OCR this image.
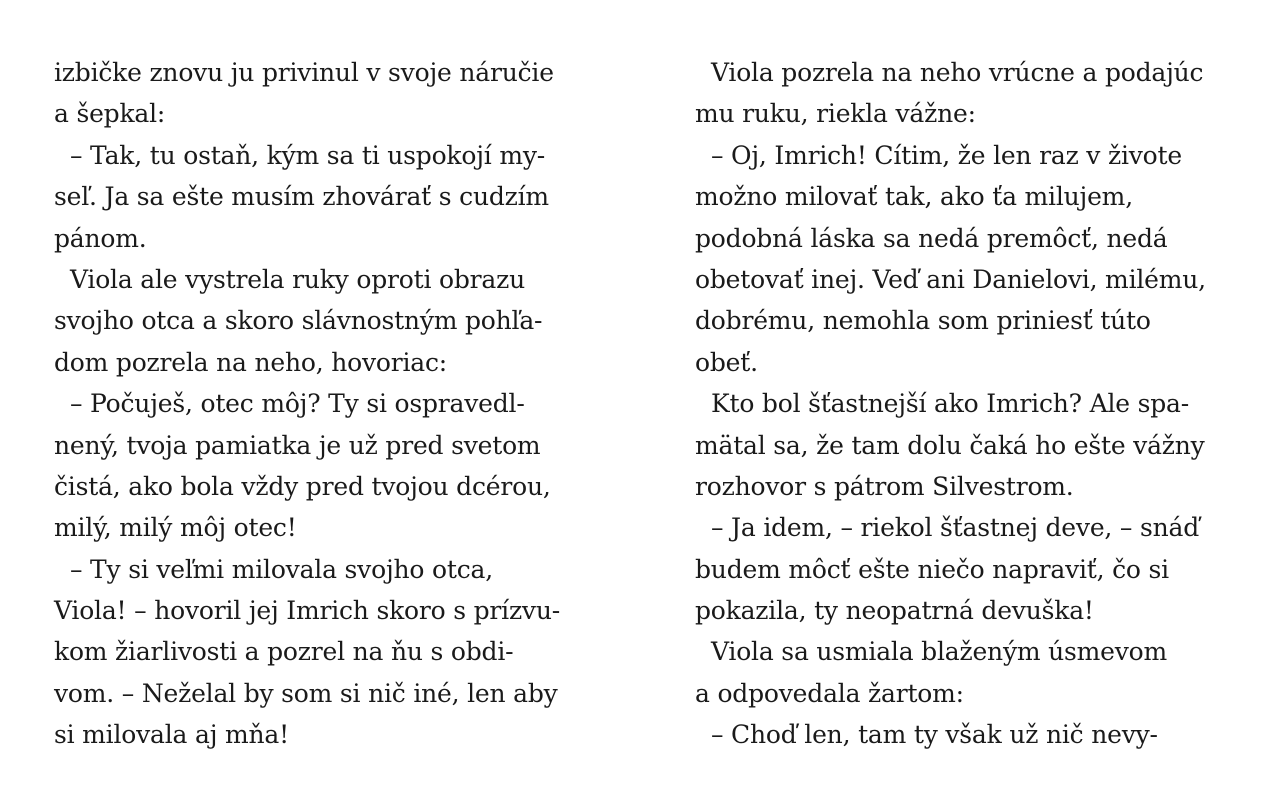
izbičke znovu ju privinul v svoje náručie
a šepkal:
– Tak, tu ostaň, kým sa ti uspokojí my-
seľ. Ja sa ešte musím zhovárať s cudzím
pánom.
Viola ale vystrela ruky oproti obrazu
svojho otca a skoro slávnostným pohľa-
dom pozrela na neho, hovoriac:
– Počuješ, otec môj? Ty si ospravedl-
nený, tvoja pamiatka je už pred svetom
čistá, ako bola vždy pred tvojou dcérou,
milý, milý môj otec!
– Ty si veľmi milovala svojho otca,
Viola! – hovoril jej Imrich skoro s prízvu-
kom žiarlivosti a pozrel na ňu s obdi-
vom. – Neželal by som si nič iné, len aby
si milovala aj mňa!
Viola pozrela na neho vrúcne a podajúc
mu ruku, riekla vážne:
– Oj, Imrich! Cítim, že len raz v živote
možno milovať tak, ako ťa milujem,
podobná láska sa nedá premôcť, nedá
obetovať inej. Veď ani Danielovi, milému,
dobrému, nemohla som priniesť túto
obeť.
Kto bol šťastnejší ako Imrich? Ale spa-
mätal sa, že tam dolu čaká ho ešte vážny
rozhovor s pátrom Silvestrom.
– Ja idem, – riekol šťastnej deve, – snáď
budem môcť ešte niečo napraviť, čo si
pokazila, ty neopatrná devuška!
Viola sa usmiala blaženým úsmevom
a odpovedala žartom:
– Choď len, tam ty však už nič nevy-
